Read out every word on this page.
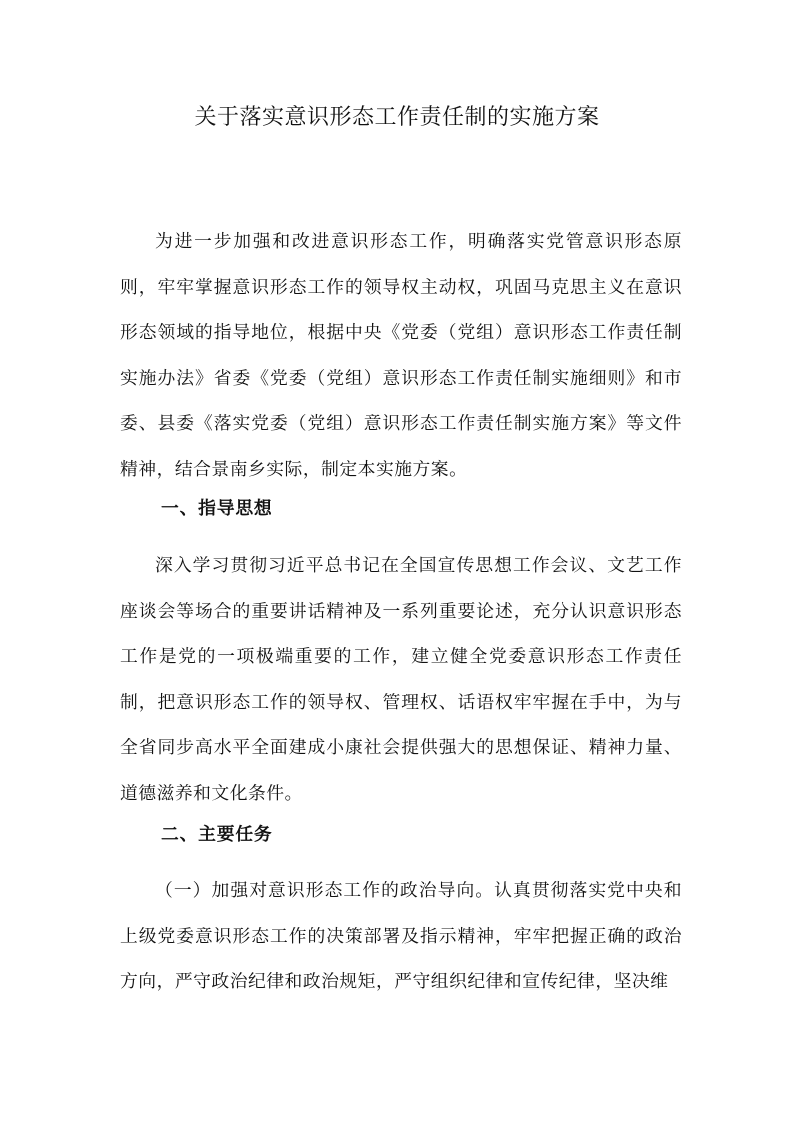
关于落实意识形态工作责任制的实施方案

为进一步加强和改进意识形态工作，明确落实党管意识形态原则，牢牢掌握意识形态工作的领导权主动权，巩固马克思主义在意识形态领域的指导地位，根据中央《党委（党组）意识形态工作责任制实施办法》省委《党委（党组）意识形态工作责任制实施细则》和市委、县委《落实党委（党组）意识形态工作责任制实施方案》等文件精神，结合景南乡实际，制定本实施方案。

一、指导思想

深入学习贯彻习近平总书记在全国宣传思想工作会议、文艺工作座谈会等场合的重要讲话精神及一系列重要论述，充分认识意识形态工作是党的一项极端重要的工作，建立健全党委意识形态工作责任制，把意识形态工作的领导权、管理权、话语权牢牢握在手中，为与全省同步高水平全面建成小康社会提供强大的思想保证、精神力量、道德滋养和文化条件。

二、主要任务

（一）加强对意识形态工作的政治导向。认真贯彻落实党中央和上级党委意识形态工作的决策部署及指示精神，牢牢把握正确的政治方向，严守政治纪律和政治规矩，严守组织纪律和宣传纪律，坚决维
